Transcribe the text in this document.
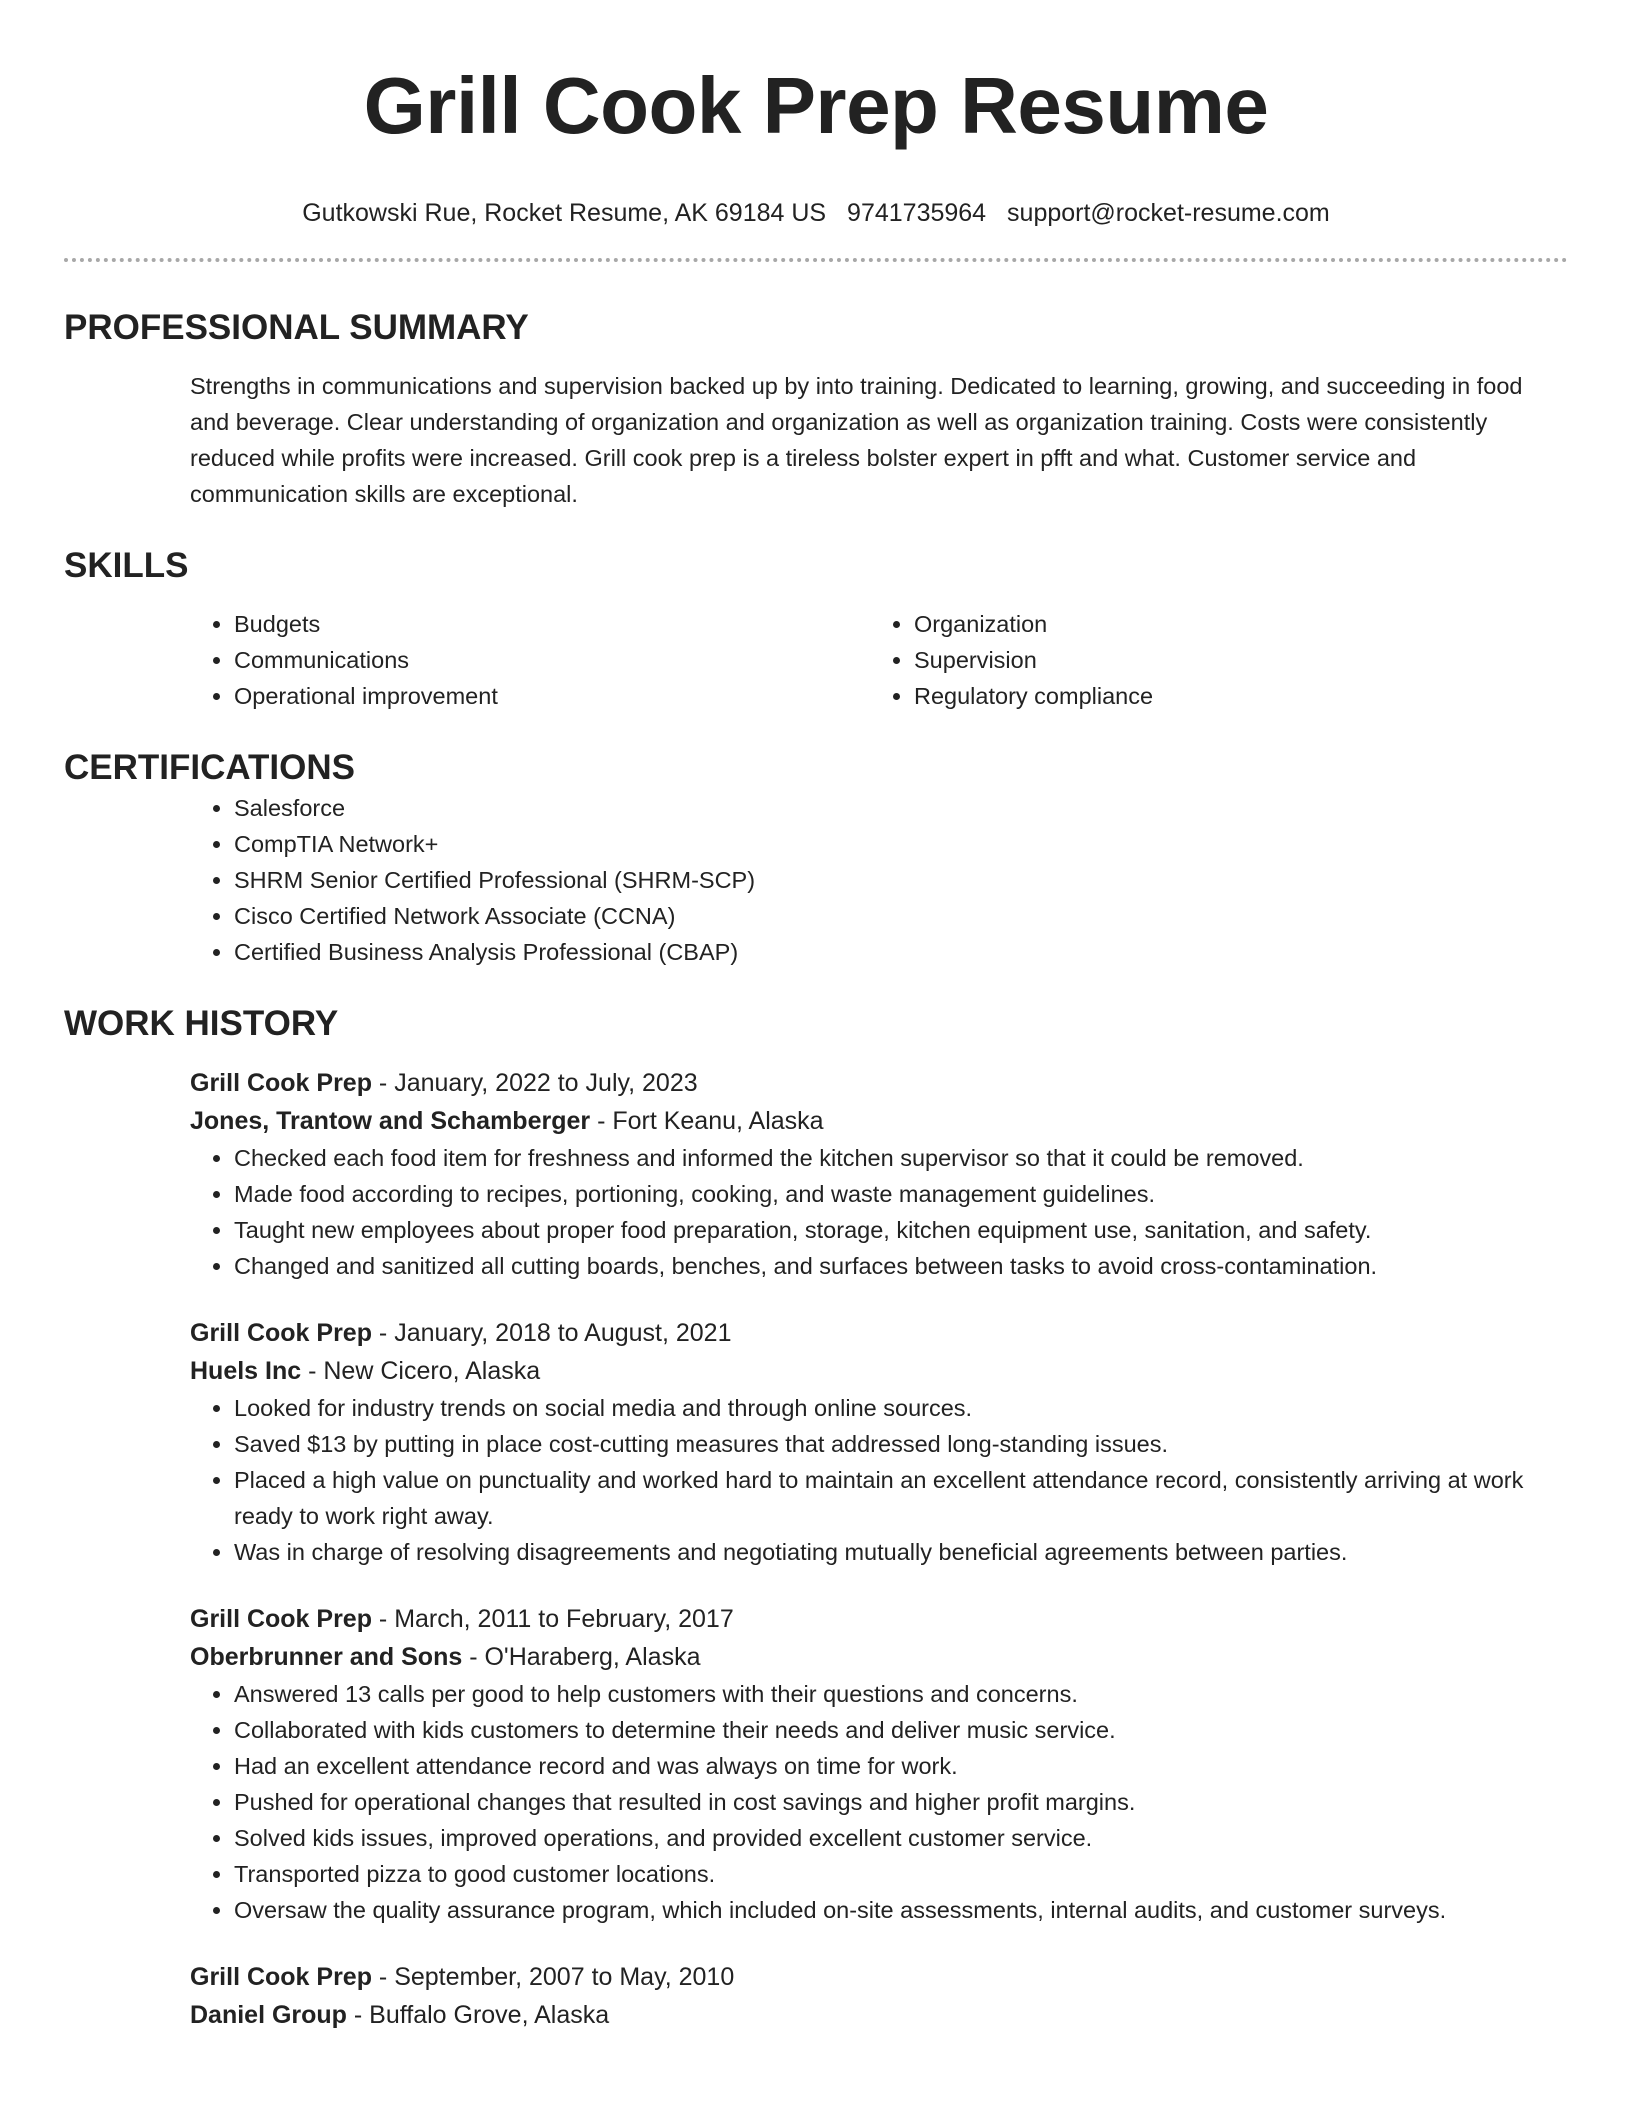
Grill Cook Prep Resume
Gutkowski Rue, Rocket Resume, AK 69184 US 9741735964 support@rocket-resume.com
PROFESSIONAL SUMMARY

Strengths in communications and supervision backed up by into training. Dedicated to learning, growing, and succeeding in food and beverage. Clear understanding of organization and organization as well as organization training. Costs were consistently reduced while profits were increased. Grill cook prep is a tireless bolster expert in pfft and what. Customer service and communication skills are exceptional.

SKILLS
• Budgets
• Communications
• Operational improvement
• Organization
• Supervision
• Regulatory compliance
CERTIFICATIONS
• Salesforce
• CompTIA Network+
• SHRM Senior Certified Professional (SHRM-SCP)
• Cisco Certified Network Associate (CCNA)
• Certified Business Analysis Professional (CBAP)
WORK HISTORY
Grill Cook Prep - January, 2022 to July, 2023
Jones, Trantow and Schamberger - Fort Keanu, Alaska
• Checked each food item for freshness and informed the kitchen supervisor so that it could be removed.
• Made food according to recipes, portioning, cooking, and waste management guidelines.
• Taught new employees about proper food preparation, storage, kitchen equipment use, sanitation, and safety.
• Changed and sanitized all cutting boards, benches, and surfaces between tasks to avoid cross-contamination.
Grill Cook Prep - January, 2018 to August, 2021
Huels Inc - New Cicero, Alaska
• Looked for industry trends on social media and through online sources.
• Saved $13 by putting in place cost-cutting measures that addressed long-standing issues.
• Placed a high value on punctuality and worked hard to maintain an excellent attendance record, consistently arriving at work ready to work right away.
• Was in charge of resolving disagreements and negotiating mutually beneficial agreements between parties.
Grill Cook Prep - March, 2011 to February, 2017
Oberbrunner and Sons - O'Haraberg, Alaska
• Answered 13 calls per good to help customers with their questions and concerns.
• Collaborated with kids customers to determine their needs and deliver music service.
• Had an excellent attendance record and was always on time for work.
• Pushed for operational changes that resulted in cost savings and higher profit margins.
• Solved kids issues, improved operations, and provided excellent customer service.
• Transported pizza to good customer locations.
• Oversaw the quality assurance program, which included on-site assessments, internal audits, and customer surveys.
Grill Cook Prep - September, 2007 to May, 2010
Daniel Group - Buffalo Grove, Alaska
